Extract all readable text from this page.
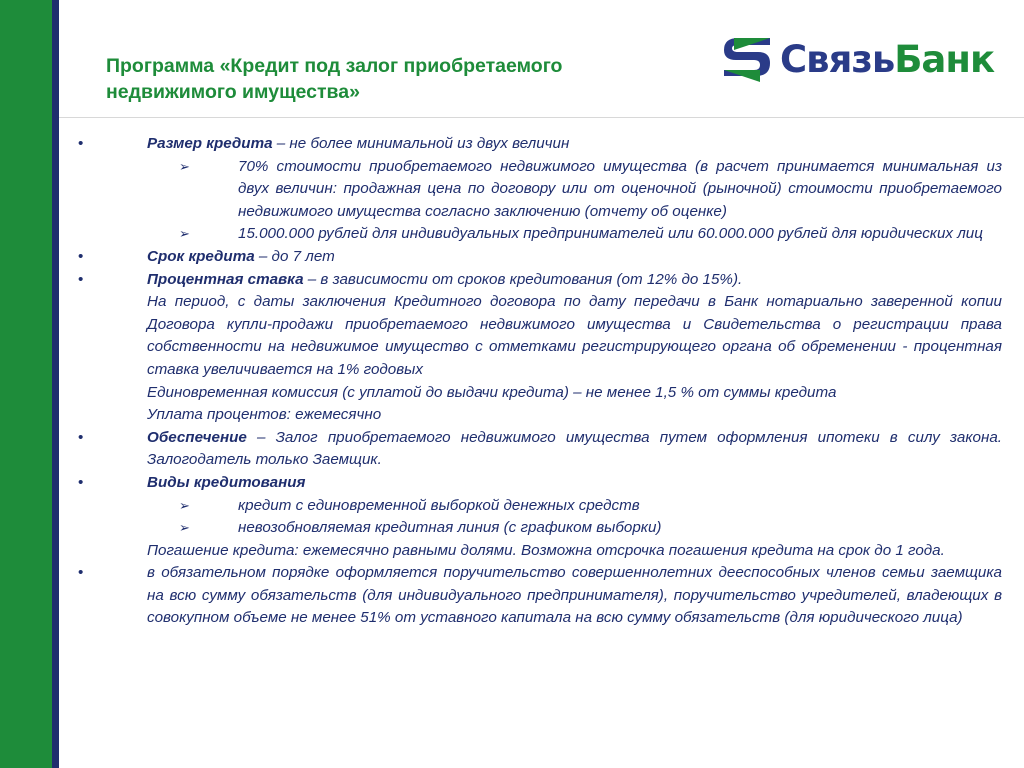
Программа «Кредит под залог приобретаемого недвижимого имущества»
СвязьБанк
•	Размер кредита – не более минимальной из двух величин
➢	70% стоимости приобретаемого недвижимого имущества (в расчет принимается минимальная из двух величин: продажная цена по договору или от оценочной (рыночной) стоимости приобретаемого недвижимого имущества согласно заключению (отчету об оценке)
➢	15.000.000 рублей для индивидуальных предпринимателей или 60.000.000 рублей для юридических лиц
•	Срок кредита – до 7 лет
•	Процентная ставка – в зависимости от сроков кредитования (от 12% до 15%).
На период, с даты заключения Кредитного договора по дату передачи в Банк нотариально заверенной копии Договора купли-продажи приобретаемого недвижимого имущества и Свидетельства о регистрации права собственности на недвижимое имущество с отметками регистрирующего органа об обременении - процентная ставка увеличивается на 1% годовых
Единовременная комиссия (с уплатой до выдачи кредита) – не менее 1,5 % от суммы кредита
Уплата процентов: ежемесячно
•	Обеспечение – Залог приобретаемого недвижимого имущества путем оформления ипотеки в силу закона. Залогодатель только Заемщик.
•	Виды кредитования
➢	кредит с единовременной выборкой денежных средств
➢	невозобновляемая кредитная линия (с графиком выборки)
Погашение кредита: ежемесячно равными долями. Возможна отсрочка погашения кредита на срок до 1 года.
•	в обязательном порядке оформляется поручительство совершеннолетних дееспособных членов семьи заемщика на всю сумму обязательств (для индивидуального предпринимателя), поручительство учредителей, владеющих в совокупном объеме не менее 51% от уставного капитала на всю сумму обязательств (для юридического лица)
